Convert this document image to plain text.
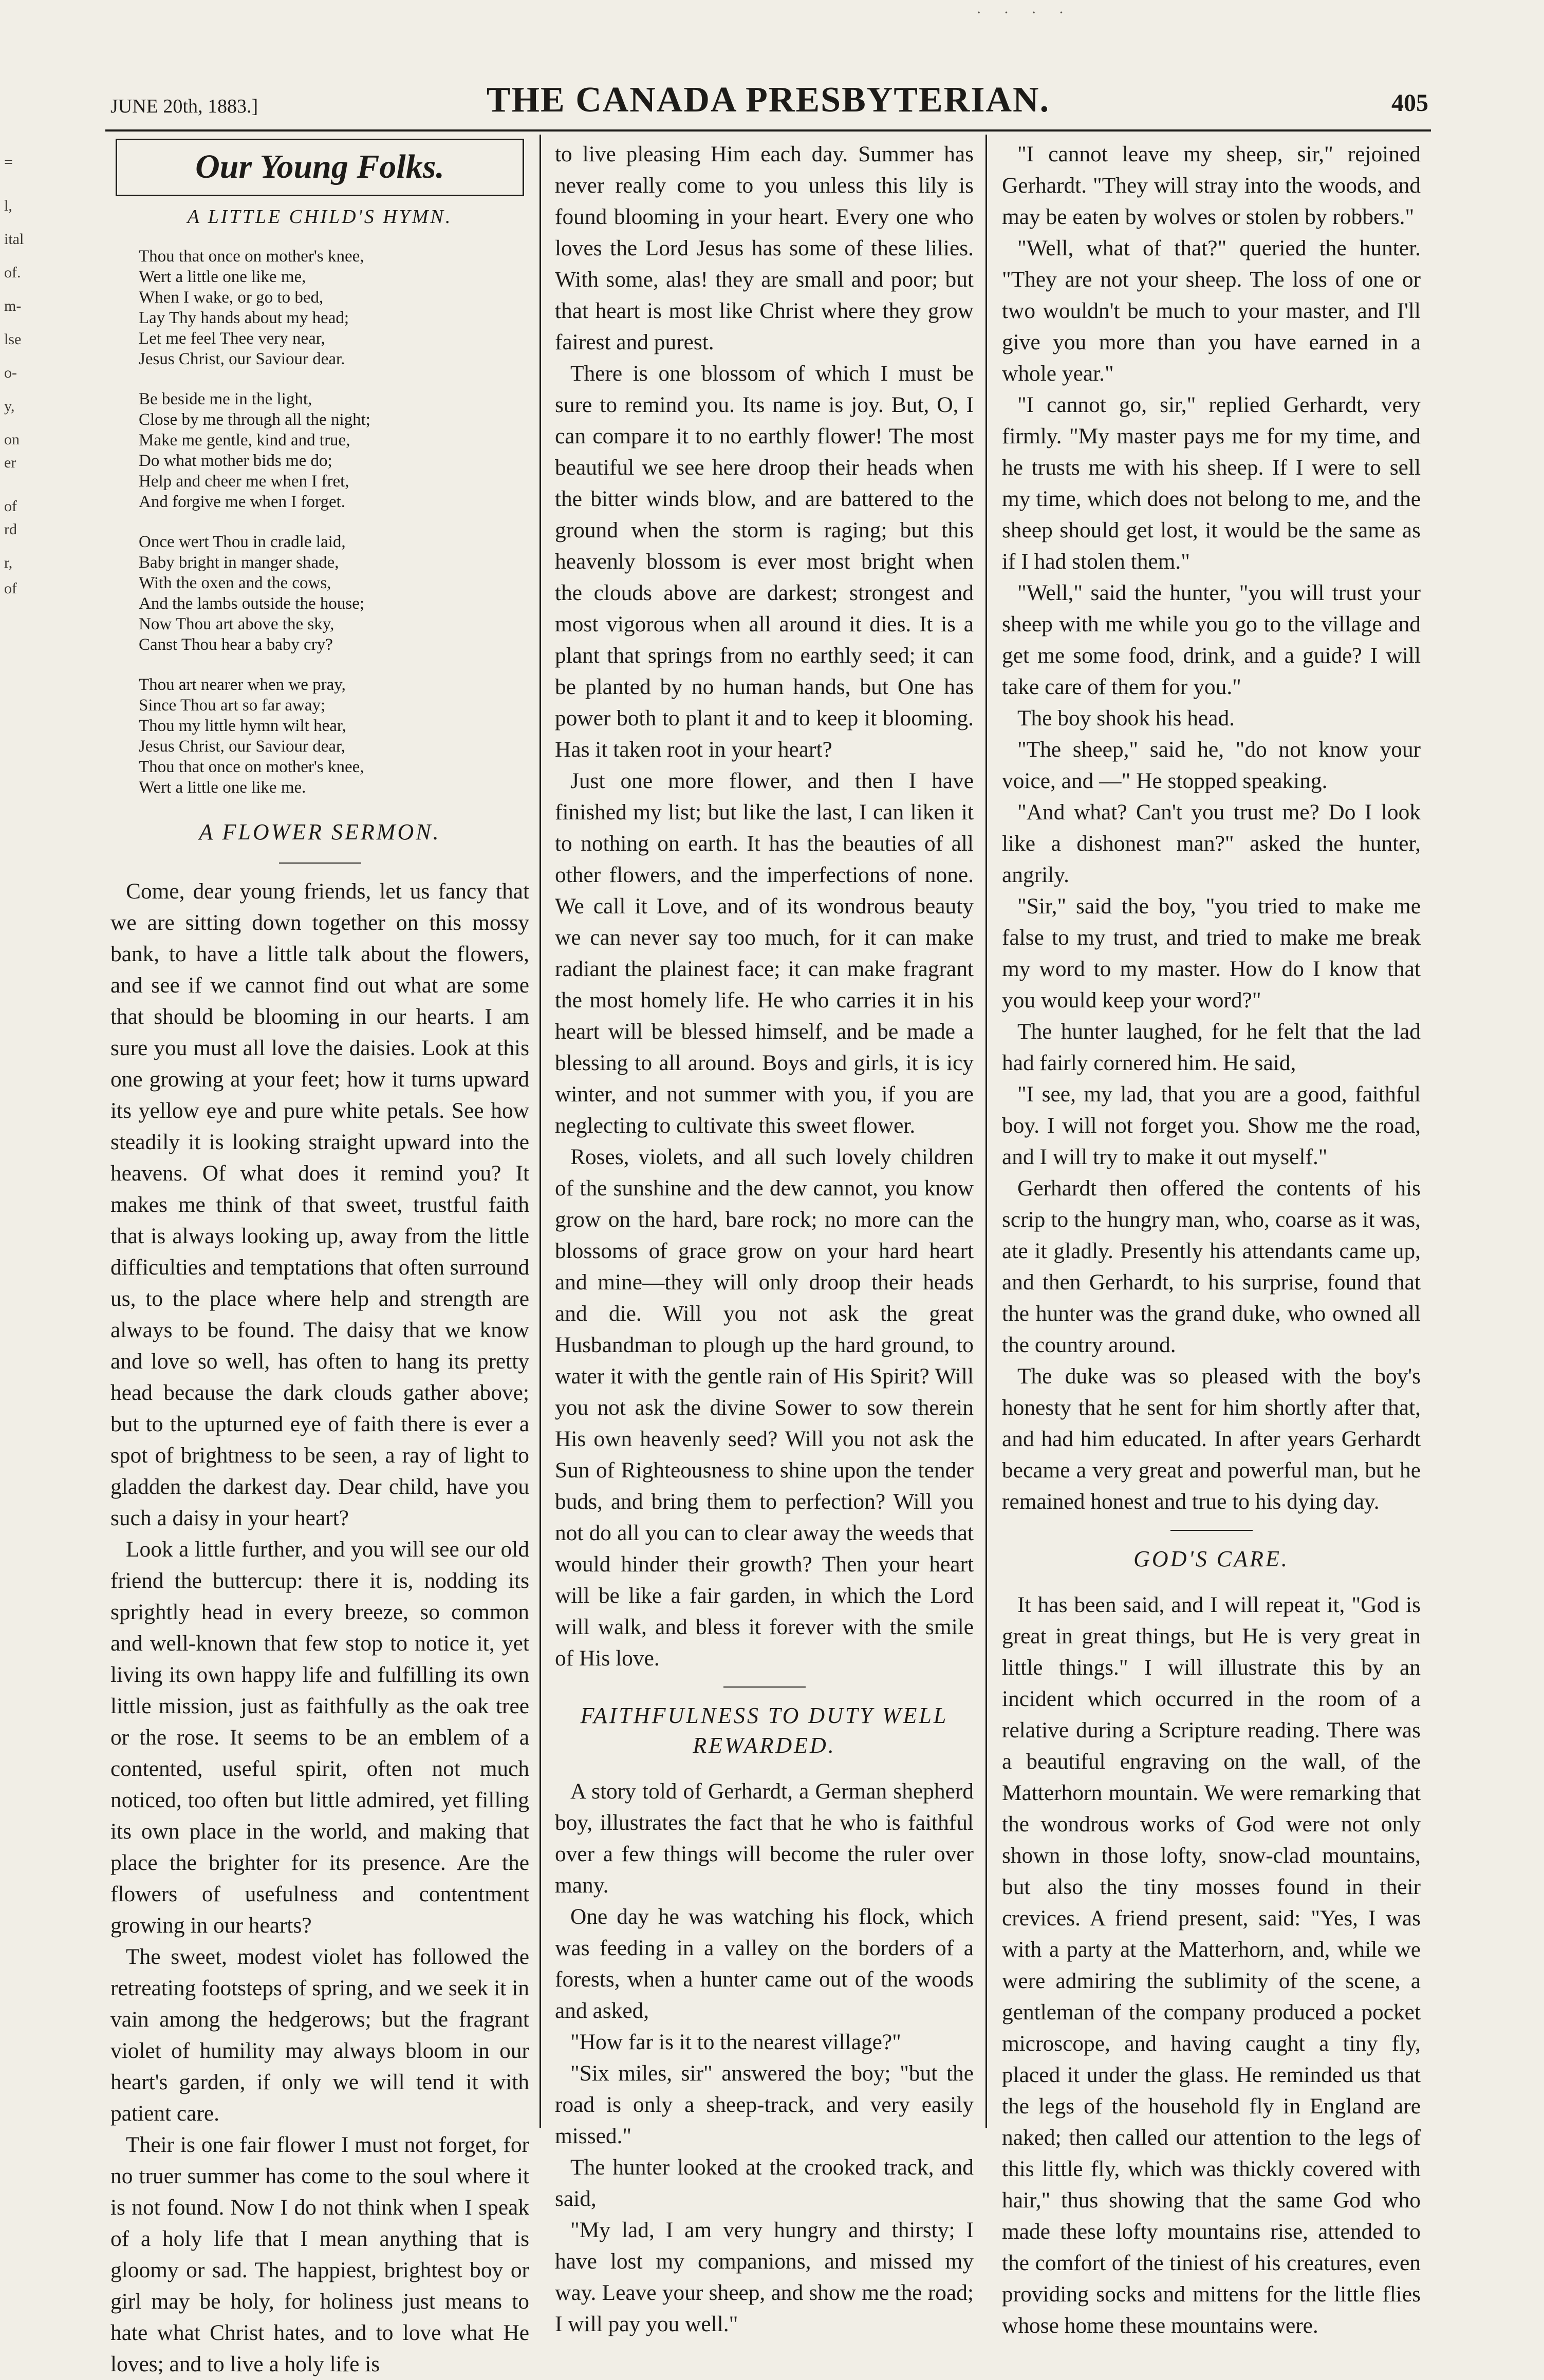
· · · ·
=
l,
ital
of.
m-
lse
o-
y,
on
er
of
rd
r,
of
JUNE 20th, 1883.]	THE CANADA PRESBYTERIAN.	405
Our Young Folks.
A LITTLE CHILD'S HYMN.
Thou that once on mother's knee,
Wert a little one like me,
When I wake, or go to bed,
Lay Thy hands about my head;
Let me feel Thee very near,
Jesus Christ, our Saviour dear.
Be beside me in the light,
Close by me through all the night;
Make me gentle, kind and true,
Do what mother bids me do;
Help and cheer me when I fret,
And forgive me when I forget.
Once wert Thou in cradle laid,
Baby bright in manger shade,
With the oxen and the cows,
And the lambs outside the house;
Now Thou art above the sky,
Canst Thou hear a baby cry?
Thou art nearer when we pray,
Since Thou art so far away;
Thou my little hymn wilt hear,
Jesus Christ, our Saviour dear,
Thou that once on mother's knee,
Wert a little one like me.
A FLOWER SERMON.

Come, dear young friends, let us fancy that we are sitting down together on this mossy bank, to have a little talk about the flowers, and see if we cannot find out what are some that should be blooming in our hearts. I am sure you must all love the daisies. Look at this one growing at your feet; how it turns upward its yellow eye and pure white petals. See how steadily it is looking straight upward into the heavens. Of what does it remind you? It makes me think of that sweet, trustful faith that is always looking up, away from the little difficulties and temptations that often surround us, to the place where help and strength are always to be found. The daisy that we know and love so well, has often to hang its pretty head because the dark clouds gather above; but to the upturned eye of faith there is ever a spot of brightness to be seen, a ray of light to gladden the darkest day. Dear child, have you such a daisy in your heart?

Look a little further, and you will see our old friend the buttercup: there it is, nodding its sprightly head in every breeze, so common and well-known that few stop to notice it, yet living its own happy life and fulfilling its own little mission, just as faithfully as the oak tree or the rose. It seems to be an emblem of a contented, useful spirit, often not much noticed, too often but little admired, yet filling its own place in the world, and making that place the brighter for its presence. Are the flowers of usefulness and contentment growing in our hearts?

The sweet, modest violet has followed the retreating footsteps of spring, and we seek it in vain among the hedgerows; but the fragrant violet of humility may always bloom in our heart's garden, if only we will tend it with patient care.

Their is one fair flower I must not forget, for no truer summer has come to the soul where it is not found. Now I do not think when I speak of a holy life that I mean anything that is gloomy or sad. The happiest, brightest boy or girl may be holy, for holiness just means to hate what Christ hates, and to love what He loves; and to live a holy life is

to live pleasing Him each day. Summer has never really come to you unless this lily is found blooming in your heart. Every one who loves the Lord Jesus has some of these lilies. With some, alas! they are small and poor; but that heart is most like Christ where they grow fairest and purest.

There is one blossom of which I must be sure to remind you. Its name is joy. But, O, I can compare it to no earthly flower! The most beautiful we see here droop their heads when the bitter winds blow, and are battered to the ground when the storm is raging; but this heavenly blossom is ever most bright when the clouds above are darkest; strongest and most vigorous when all around it dies. It is a plant that springs from no earthly seed; it can be planted by no human hands, but One has power both to plant it and to keep it blooming. Has it taken root in your heart?

Just one more flower, and then I have finished my list; but like the last, I can liken it to nothing on earth. It has the beauties of all other flowers, and the imperfections of none. We call it Love, and of its wondrous beauty we can never say too much, for it can make radiant the plainest face; it can make fragrant the most homely life. He who carries it in his heart will be blessed himself, and be made a blessing to all around. Boys and girls, it is icy winter, and not summer with you, if you are neglecting to cultivate this sweet flower.

Roses, violets, and all such lovely children of the sunshine and the dew cannot, you know grow on the hard, bare rock; no more can the blossoms of grace grow on your hard heart and mine—they will only droop their heads and die. Will you not ask the great Husbandman to plough up the hard ground, to water it with the gentle rain of His Spirit? Will you not ask the divine Sower to sow therein His own heavenly seed? Will you not ask the Sun of Righteousness to shine upon the tender buds, and bring them to perfection? Will you not do all you can to clear away the weeds that would hinder their growth? Then your heart will be like a fair garden, in which the Lord will walk, and bless it forever with the smile of His love.

FAITHFULNESS TO DUTY WELL REWARDED.

A story told of Gerhardt, a German shepherd boy, illustrates the fact that he who is faithful over a few things will become the ruler over many.

One day he was watching his flock, which was feeding in a valley on the borders of a forests, when a hunter came out of the woods and asked,

"How far is it to the nearest village?"

"Six miles, sir" answered the boy; "but the road is only a sheep-track, and very easily missed."

The hunter looked at the crooked track, and said,

"My lad, I am very hungry and thirsty; I have lost my companions, and missed my way. Leave your sheep, and show me the road; I will pay you well."

"I cannot leave my sheep, sir," rejoined Gerhardt. "They will stray into the woods, and may be eaten by wolves or stolen by robbers."

"Well, what of that?" queried the hunter. "They are not your sheep. The loss of one or two wouldn't be much to your master, and I'll give you more than you have earned in a whole year."

"I cannot go, sir," replied Gerhardt, very firmly. "My master pays me for my time, and he trusts me with his sheep. If I were to sell my time, which does not belong to me, and the sheep should get lost, it would be the same as if I had stolen them."

"Well," said the hunter, "you will trust your sheep with me while you go to the village and get me some food, drink, and a guide? I will take care of them for you."

The boy shook his head.

"The sheep," said he, "do not know your voice, and —" He stopped speaking.

"And what? Can't you trust me? Do I look like a dishonest man?" asked the hunter, angrily.

"Sir," said the boy, "you tried to make me false to my trust, and tried to make me break my word to my master. How do I know that you would keep your word?"

The hunter laughed, for he felt that the lad had fairly cornered him. He said,

"I see, my lad, that you are a good, faithful boy. I will not forget you. Show me the road, and I will try to make it out myself."

Gerhardt then offered the contents of his scrip to the hungry man, who, coarse as it was, ate it gladly. Presently his attendants came up, and then Gerhardt, to his surprise, found that the hunter was the grand duke, who owned all the country around.

The duke was so pleased with the boy's honesty that he sent for him shortly after that, and had him educated. In after years Gerhardt became a very great and powerful man, but he remained honest and true to his dying day.

GOD'S CARE.

It has been said, and I will repeat it, "God is great in great things, but He is very great in little things." I will illustrate this by an incident which occurred in the room of a relative during a Scripture reading. There was a beautiful engraving on the wall, of the Matterhorn mountain. We were remarking that the wondrous works of God were not only shown in those lofty, snow-clad mountains, but also the tiny mosses found in their crevices. A friend present, said: "Yes, I was with a party at the Matterhorn, and, while we were admiring the sublimity of the scene, a gentleman of the company produced a pocket microscope, and having caught a tiny fly, placed it under the glass. He reminded us that the legs of the household fly in England are naked; then called our attention to the legs of this little fly, which was thickly covered with hair," thus showing that the same God who made these lofty mountains rise, attended to the comfort of the tiniest of his creatures, even providing socks and mittens for the little flies whose home these mountains were.
